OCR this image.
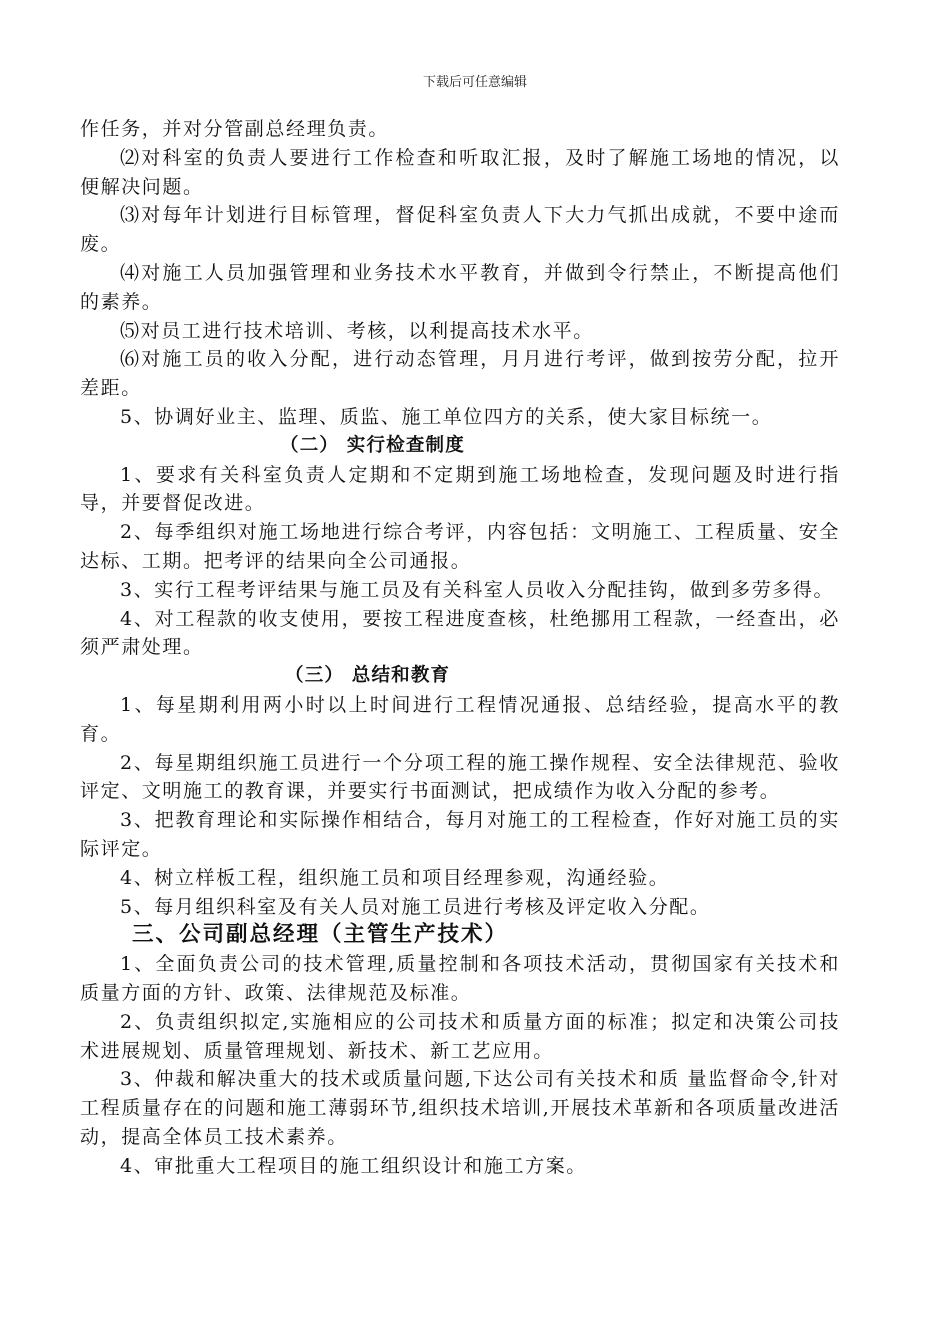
下载后可任意编辑

作任务，并对分管副总经理负责。

⑵对科室的负责人要进行工作检查和听取汇报，及时了解施工场地的情况，以便解决问题。

⑶对每年计划进行目标管理，督促科室负责人下大力气抓出成就，不要中途而废。

⑷对施工人员加强管理和业务技术水平教育，并做到令行禁止，不断提高他们的素养。

⑸对员工进行技术培训、考核，以利提高技术水平。

⑹对施工员的收入分配，进行动态管理，月月进行考评，做到按劳分配，拉开差距。

5、协调好业主、监理、质监、施工单位四方的关系，使大家目标统一。

（二） 实行检查制度

1、要求有关科室负责人定期和不定期到施工场地检查，发现问题及时进行指导，并要督促改进。

2、每季组织对施工场地进行综合考评，内容包括：文明施工、工程质量、安全达标、工期。把考评的结果向全公司通报。

3、实行工程考评结果与施工员及有关科室人员收入分配挂钩，做到多劳多得。

4、对工程款的收支使用，要按工程进度查核，杜绝挪用工程款，一经查出，必须严肃处理。

（三） 总结和教育

1、每星期利用两小时以上时间进行工程情况通报、总结经验，提高水平的教育。

2、每星期组织施工员进行一个分项工程的施工操作规程、安全法律规范、验收评定、文明施工的教育课，并要实行书面测试，把成绩作为收入分配的参考。

3、把教育理论和实际操作相结合，每月对施工的工程检查，作好对施工员的实际评定。

4、树立样板工程，组织施工员和项目经理参观，沟通经验。

5、每月组织科室及有关人员对施工员进行考核及评定收入分配。

三、公司副总经理（主管生产技术）

1、全面负责公司的技术管理,质量控制和各项技术活动，贯彻国家有关技术和质量方面的方针、政策、法律规范及标准。

2、负责组织拟定,实施相应的公司技术和质量方面的标准；拟定和决策公司技术进展规划、质量管理规划、新技术、新工艺应用。

3、仲裁和解决重大的技术或质量问题,下达公司有关技术和质 量监督命令,针对工程质量存在的问题和施工薄弱环节,组织技术培训,开展技术革新和各项质量改进活动，提高全体员工技术素养。

4、审批重大工程项目的施工组织设计和施工方案。
